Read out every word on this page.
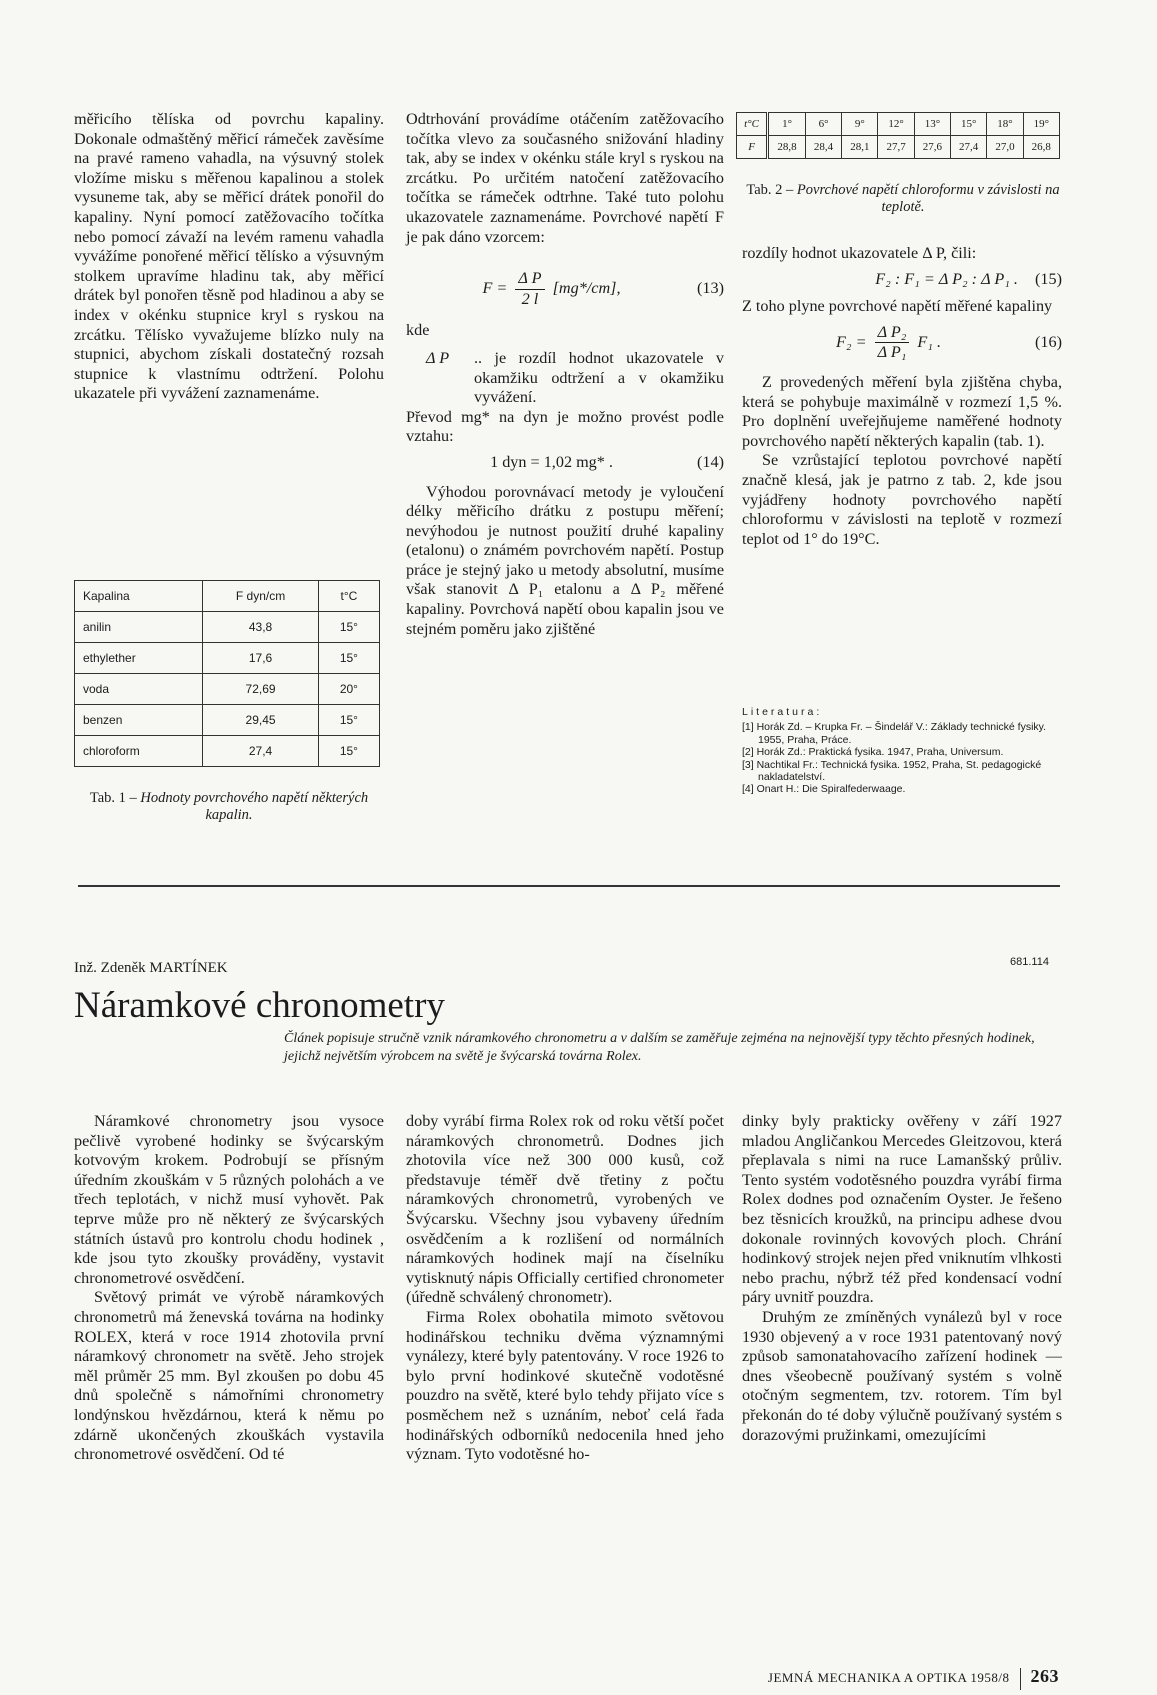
měřicího tělíska od povrchu kapaliny. Dokonale odmaštěný měřicí rámeček zavěsíme na pravé rameno vahadla, na výsuvný stolek vložíme misku s měřenou kapalinou a stolek vysuneme tak, aby se měřicí drátek ponořil do kapaliny. Nyní pomocí zatěžovacího točítka nebo pomocí závaží na levém ramenu vahadla vyvážíme ponořené měřicí tělísko a výsuvným stolkem upravíme hladinu tak, aby měřicí drátek byl ponořen těsně pod hladinou a aby se index v okénku stupnice kryl s ryskou na zrcátku. Tělísko vyvažujeme blízko nuly na stupnici, abychom získali dostatečný rozsah stupnice k vlastnímu odtržení. Polohu ukazatele při vyvážení zaznamenáme.

Kapalina	F dyn/cm	t°C
anilin	43,8	15°
ethylether	17,6	15°
voda	72,69	20°
benzen	29,45	15°
chloroform	27,4	15°
Tab. 1 – Hodnoty povrchového napětí některých kapalin.

Odtrhování provádíme otáčením zatěžovacího točítka vlevo za současného snižování hladiny tak, aby se index v okénku stále kryl s ryskou na zrcátku. Po určitém natočení zatěžovacího točítka se rámeček odtrhne. Také tuto polohu ukazovatele zaznamenáme. Povrchové napětí F je pak dáno vzorcem:

$F = \frac{\text{Δ P}}{2 l} [mg*/cm]$,	(13)

kde

Δ P	.. je rozdíl hodnot ukazovatele v okamžiku odtržení a v okamžiku vyvážení.

Převod mg* na dyn je možno provést podle vztahu:

1 dyn = 1,02 mg* .	(14)

Výhodou porovnávací metody je vyloučení délky měřicího drátku z postupu měření; nevýhodou je nutnost použití druhé kapaliny (etalonu) o známém povrchovém napětí. Postup práce je stejný jako u metody absolutní, musíme však stanovit Δ P₁ etalonu a Δ P₂ měřené kapaliny. Povrchová napětí obou kapalin jsou ve stejném poměru jako zjištěné

t°C	1°	6°	9°	12°	13°	15°	18°	19°
F	28,8	28,4	28,1	27,7	27,6	27,4	27,0	26,8
Tab. 2 – Povrchové napětí chloroformu v závislosti na teplotě.

rozdíly hodnot ukazovatele Δ P, čili:

F₂ : F₁ = Δ P₂ : Δ P₁ . (15)

Z toho plyne povrchové napětí měřené kapaliny

$F_2 = \frac{\text{Δ P₂}}{\text{Δ P₁}} F_1$ .	(16)

Z provedených měření byla zjištěna chyba, která se pohybuje maximálně v rozmezí 1,5 %. Pro doplnění uveřejňujeme naměřené hodnoty povrchového napětí některých kapalin (tab. 1).

Se vzrůstající teplotou povrchové napětí značně klesá, jak je patrno z tab. 2, kde jsou vyjádřeny hodnoty povrchového napětí chloroformu v závislosti na teplotě v rozmezí teplot od 1° do 19°C.

Literatura:
[1] Horák Zd. – Krupka Fr. – Šindelář V.: Základy technické fysiky. 1955, Praha, Práce.
[2] Horák Zd.: Praktická fysika. 1947, Praha, Universum.
[3] Nachtikal Fr.: Technická fysika. 1952, Praha, St. pedagogické nakladatelství.
[4] Onart H.: Die Spiralfederwaage.
Inž. Zdeněk MARTÍNEK	681.114
Náramkové chronometry
Článek popisuje stručně vznik náramkového chronometru a v dalším se zaměřuje zejména na nejnovější typy těchto přesných hodinek, jejichž největším výrobcem na světě je švýcarská továrna Rolex.

Náramkové chronometry jsou vysoce pečlivě vyrobené hodinky se švýcarským kotvovým krokem. Podrobují se přísným úředním zkouškám v 5 různých polohách a ve třech teplotách, v nichž musí vyhovět. Pak teprve může pro ně některý ze švýcarských státních ústavů pro kontrolu chodu hodinek , kde jsou tyto zkoušky prováděny, vystavit chronometrové osvědčení.

Světový primát ve výrobě náramkových chronometrů má ženevská továrna na hodinky ROLEX, která v roce 1914 zhotovila první náramkový chronometr na světě. Jeho strojek měl průměr 25 mm. Byl zkoušen po dobu 45 dnů společně s námořními chronometry londýnskou hvězdárnou, která k němu po zdárně ukončených zkouškách vystavila chronometrové osvědčení. Od té

doby vyrábí firma Rolex rok od roku větší počet náramkových chronometrů. Dodnes jich zhotovila více než 300 000 kusů, což představuje téměř dvě třetiny z počtu náramkových chronometrů, vyrobených ve Švýcarsku. Všechny jsou vybaveny úředním osvědčením a k rozlišení od normálních náramkových hodinek mají na číselníku vytisknutý nápis Officially certified chronometer (úředně schválený chronometr).

Firma Rolex obohatila mimoto světovou hodinářskou techniku dvěma významnými vynálezy, které byly patentovány. V roce 1926 to bylo první hodinkové skutečně vodotěsné pouzdro na světě, které bylo tehdy přijato více s posměchem než s uznáním, neboť celá řada hodinářských odborníků nedocenila hned jeho význam. Tyto vodotěsné ho-

dinky byly prakticky ověřeny v září 1927 mladou Angličankou Mercedes Gleitzovou, která přeplavala s nimi na ruce Lamanšský průliv. Tento systém vodotěsného pouzdra vyrábí firma Rolex dodnes pod označením Oyster. Je řešeno bez těsnicích kroužků, na principu adhese dvou dokonale rovinných kovových ploch. Chrání hodinkový strojek nejen před vniknutím vlhkosti nebo prachu, nýbrž též před kondensací vodní páry uvnitř pouzdra.

Druhým ze zmíněných vynálezů byl v roce 1930 objevený a v roce 1931 patentovaný nový způsob samonatahovacího zařízení hodinek — dnes všeobecně používaný systém s volně otočným segmentem, tzv. rotorem. Tím byl překonán do té doby výlučně používaný systém s dorazovými pružinkami, omezujícími

JEMNÁ MECHANIKA A OPTIKA 1958/8 263
